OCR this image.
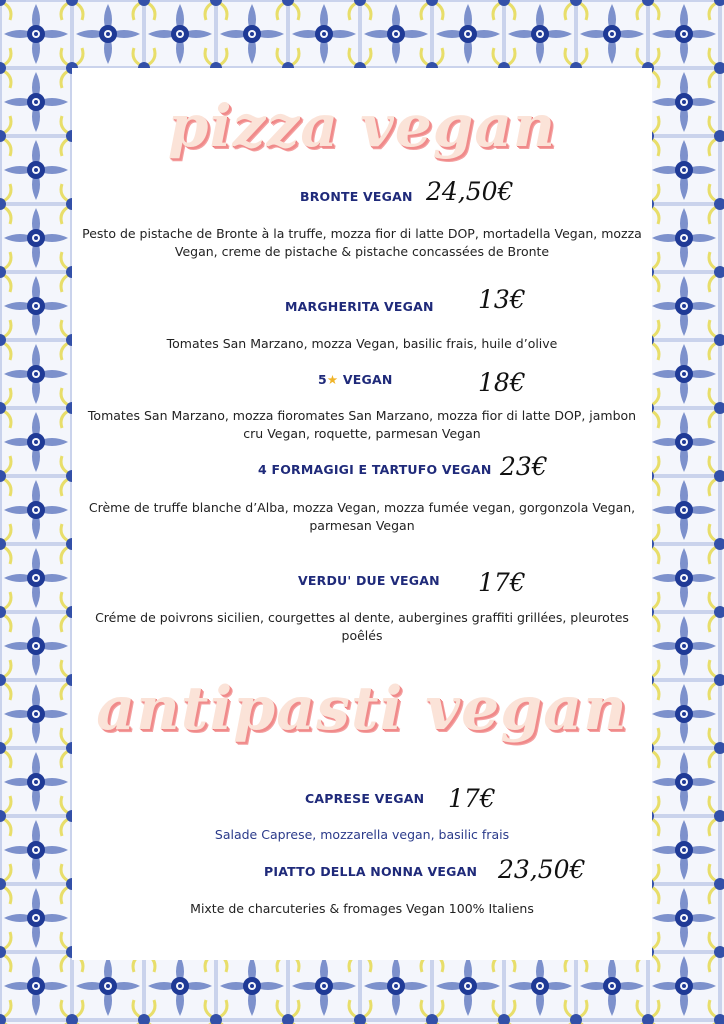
pizza vegan
BRONTE VEGAN 24,50€
Pesto de pistache de Bronte à la truffe, mozza fior di latte DOP, mortadella Vegan, mozza Vegan, creme de pistache & pistache concassées de Bronte
MARGHERITA VEGAN 13€
Tomates San Marzano, mozza Vegan, basilic frais, huile d’olive
5★ VEGAN	18€
Tomates San Marzano, mozza fioromates San Marzano, mozza fior di latte DOP, jambon cru Vegan, roquette, parmesan Vegan
4 FORMAGIGI E TARTUFO VEGAN 23€
Crème de truffe blanche d’Alba, mozza Vegan, mozza fumée vegan, gorgonzola Vegan, parmesan Vegan
VERDU' DUE VEGAN 17€
Créme de poivrons sicilien, courgettes al dente, aubergines graffiti grillées, pleurotes poêlés
antipasti vegan
CAPRESE VEGAN 17€
Salade Caprese, mozzarella vegan, basilic frais
PIATTO DELLA NONNA VEGAN 23,50€
Mixte de charcuteries & fromages Vegan 100% Italiens
